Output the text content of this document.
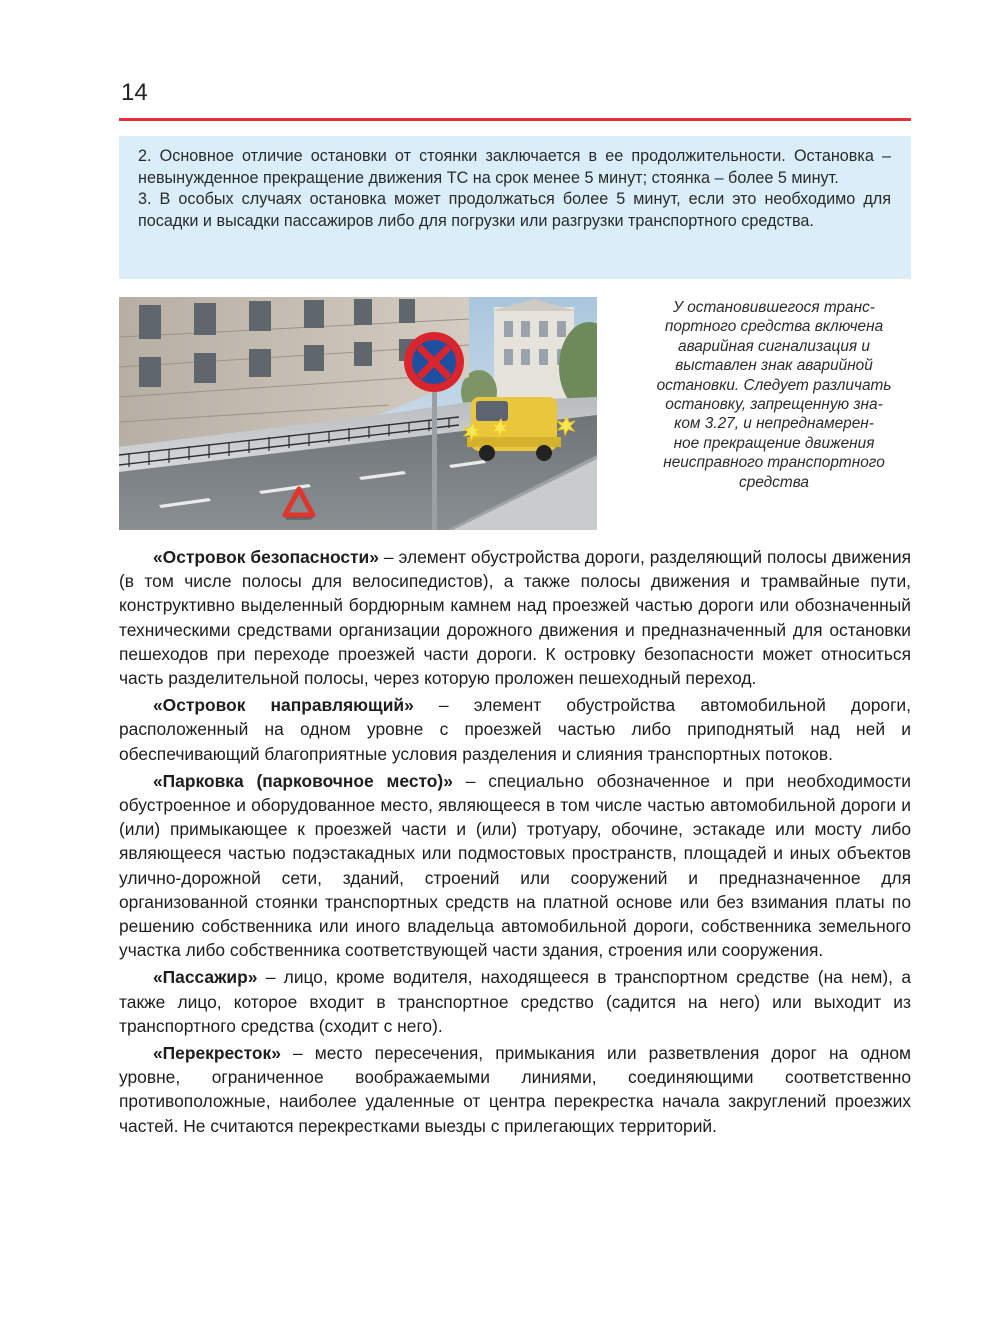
14

2. Основное отличие остановки от стоянки заключается в ее продолжительности. Остановка – невынужденное прекращение движения ТС на срок менее 5 минут; стоянка – более 5 минут.

3. В особых случаях остановка может продолжаться более 5 минут, если это необходимо для посадки и высадки пассажиров либо для погрузки или разгрузки транспортного средства.

У остановившегося транс-
портного средства включена
аварийная сигнализация и
выставлен знак аварийной
остановки. Следует различать
остановку, запрещенную зна-
ком 3.27, и непреднамерен-
ное прекращение движения
неисправного транспортного
средства

«Островок безопасности» – элемент обустройства дороги, разделяющий полосы движения (в том числе полосы для велосипедистов), а также полосы движения и трамвайные пути, конструктивно выделенный бордюрным камнем над проезжей частью дороги или обозначенный техническими средствами организации дорожного движения и предназначенный для остановки пешеходов при переходе проезжей части дороги. К островку безопасности может относиться часть разделительной полосы, через которую проложен пешеходный переход.

«Островок направляющий» – элемент обустройства автомобильной дороги, расположенный на одном уровне с проезжей частью либо приподнятый над ней и обеспечивающий благоприятные условия разделения и слияния транспортных потоков.

«Парковка (парковочное место)» – специально обозначенное и при необходимости обустроенное и оборудованное место, являющееся в том числе частью автомобильной дороги и (или) примыкающее к проезжей части и (или) тротуару, обочине, эстакаде или мосту либо являющееся частью подэстакадных или подмостовых пространств, площадей и иных объектов улично-дорожной сети, зданий, строений или сооружений и предназначенное для организованной стоянки транспортных средств на платной основе или без взимания платы по решению собственника или иного владельца автомобильной дороги, собственника земельного участка либо собственника соответствующей части здания, строения или сооружения.

«Пассажир» – лицо, кроме водителя, находящееся в транспортном средстве (на нем), а также лицо, которое входит в транспортное средство (садится на него) или выходит из транспортного средства (сходит с него).

«Перекресток» – место пересечения, примыкания или разветвления дорог на одном уровне, ограниченное воображаемыми линиями, соединяющими соответственно противоположные, наиболее удаленные от центра перекрестка начала закруглений проезжих частей. Не считаются перекрестками выезды с прилегающих территорий.
